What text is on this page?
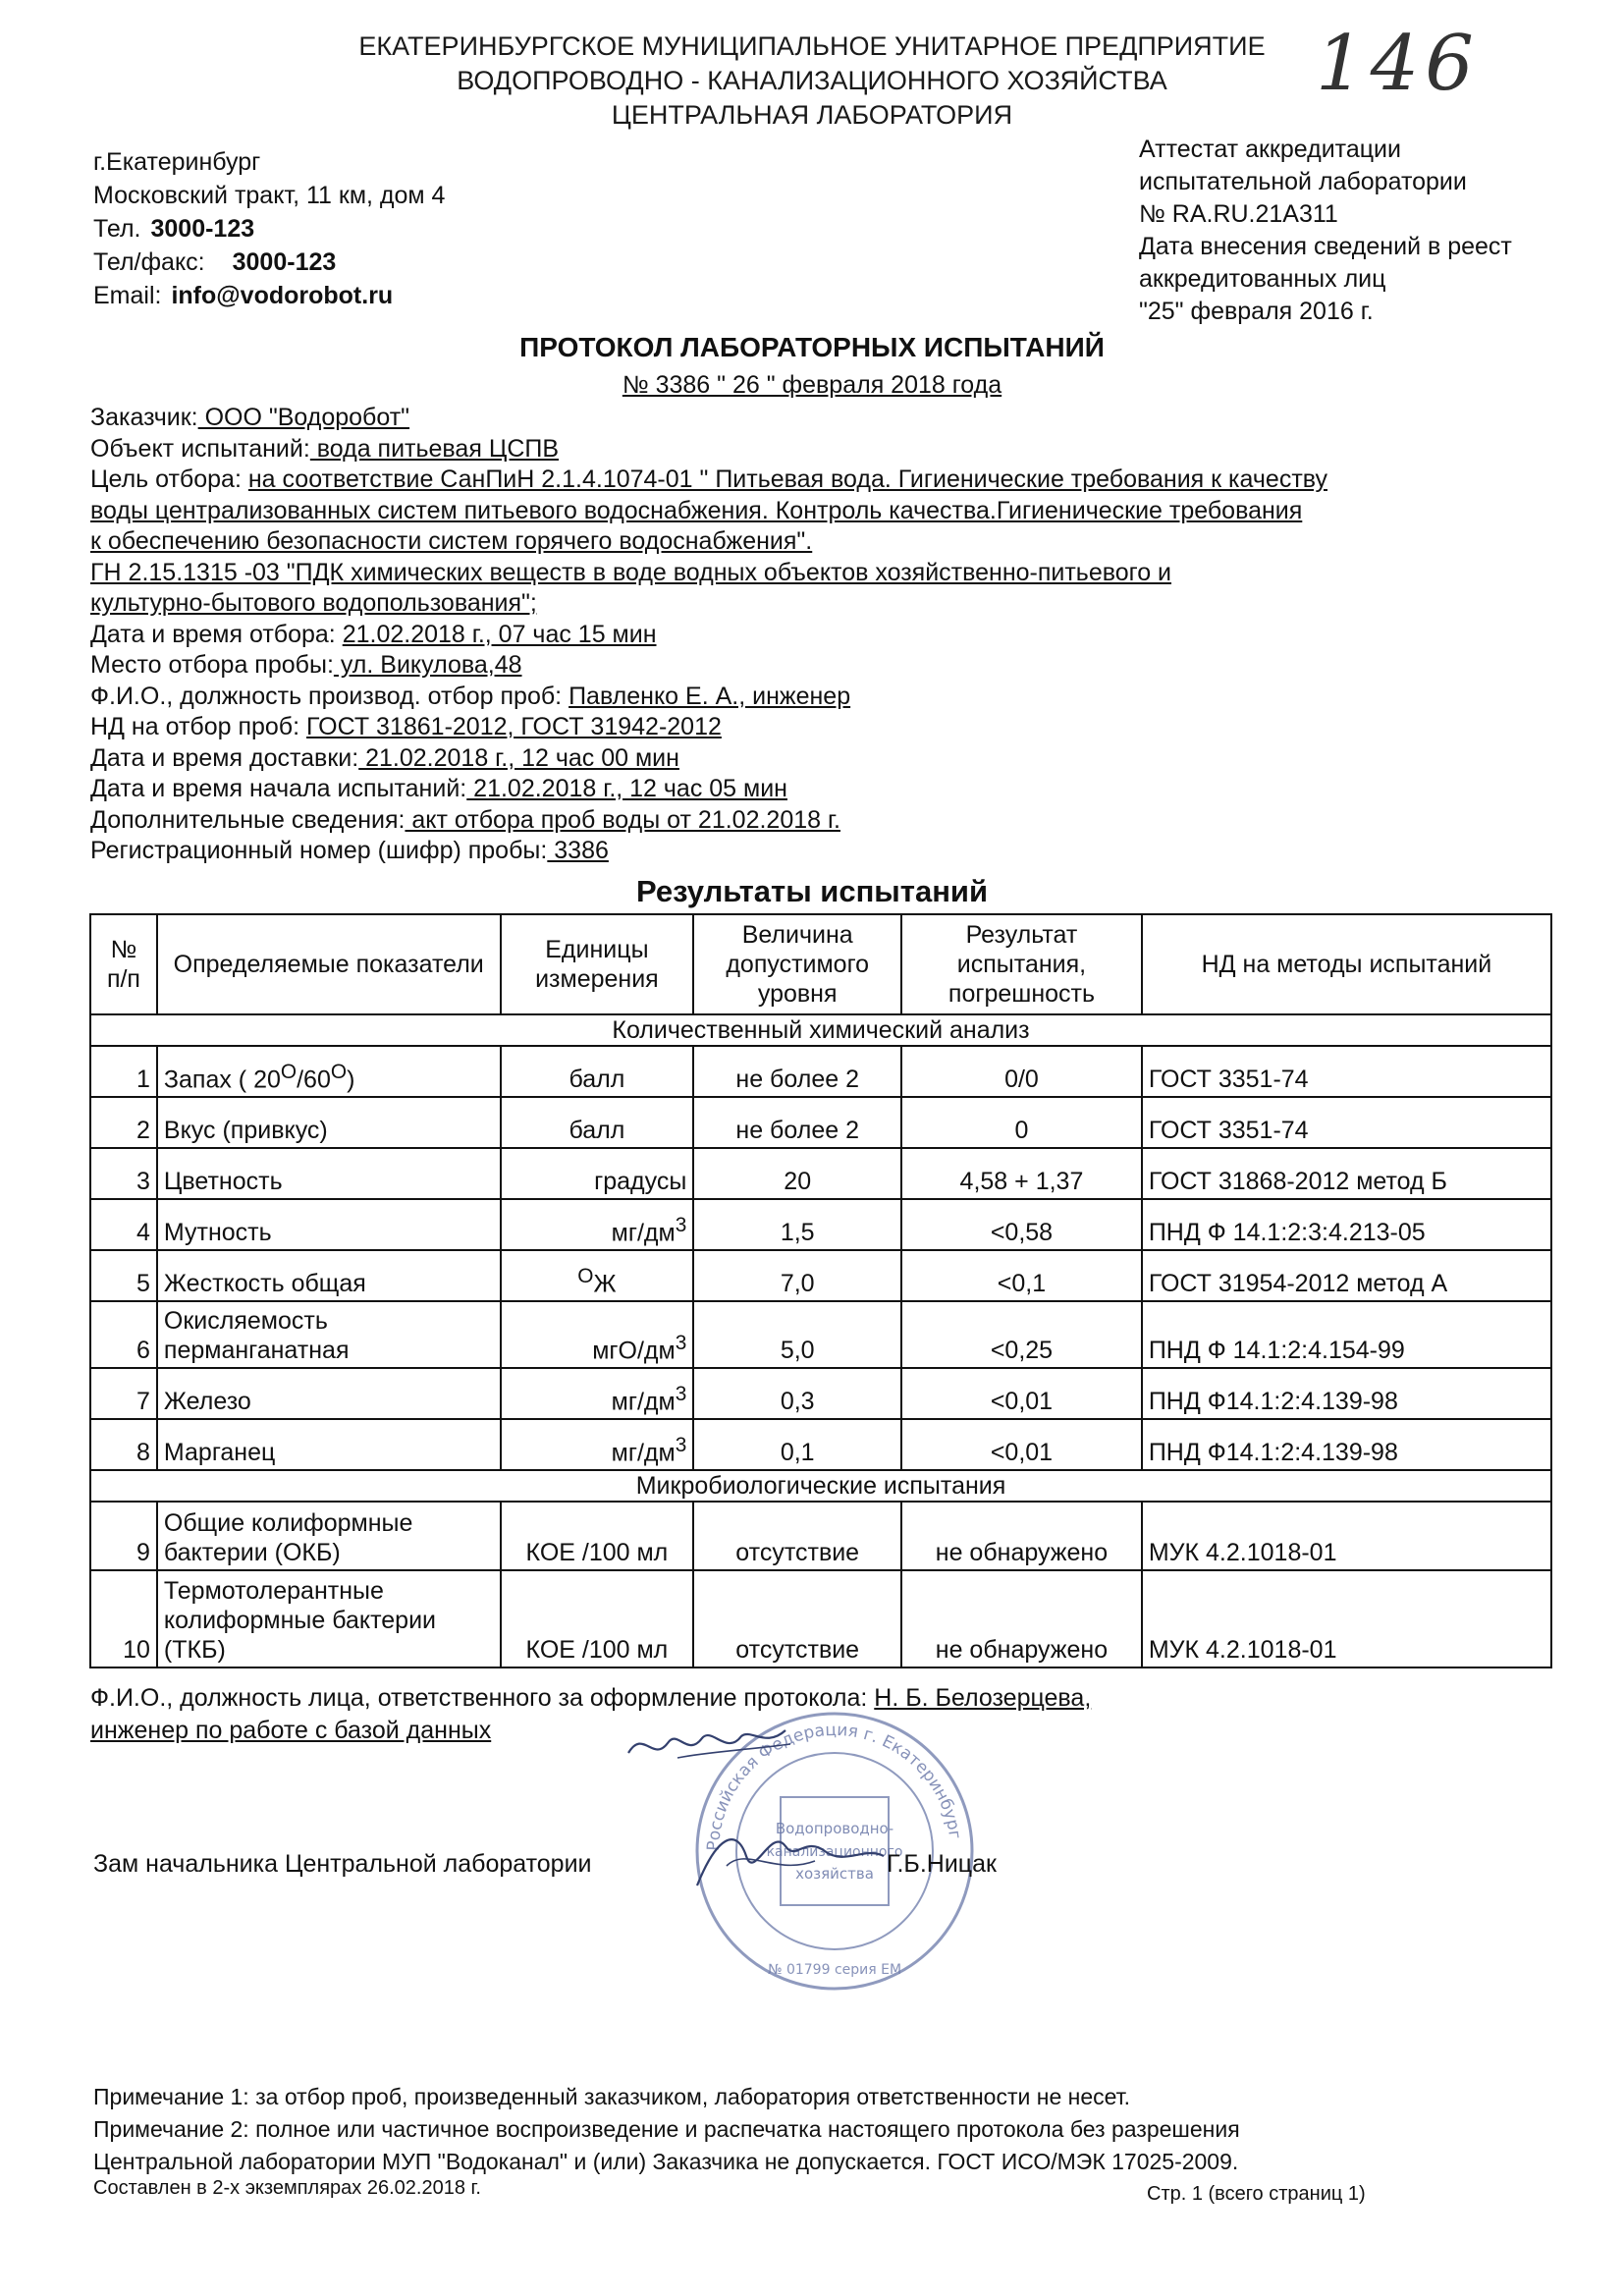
ЕКАТЕРИНБУРГСКОЕ МУНИЦИПАЛЬНОЕ УНИТАРНОЕ ПРЕДПРИЯТИЕ
ВОДОПРОВОДНО - КАНАЛИЗАЦИОННОГО ХОЗЯЙСТВА
ЦЕНТРАЛЬНАЯ ЛАБОРАТОРИЯ
146
г.Екатеринбург
Московский тракт, 11 км, дом 4
Тел. 3000-123
Тел/факс: 3000-123
Email: info@vodorobot.ru
Аттестат аккредитации
испытательной лаборатории
№ RA.RU.21A311
Дата внесения сведений в реест
аккредитованных лиц
"25" февраля 2016 г.
ПРОТОКОЛ ЛАБОРАТОРНЫХ ИСПЫТАНИЙ
№ 3386 " 26 " февраля 2018 года
Заказчик: ООО "Водоробот"
Объект испытаний: вода питьевая ЦСПВ
Цель отбора: на соответствие СанПиН 2.1.4.1074-01 " Питьевая вода. Гигиенические требования к качеству
воды централизованных систем питьевого водоснабжения. Контроль качества.Гигиенические требования
к обеспечению безопасности систем горячего водоснабжения".
ГН 2.15.1315 -03 "ПДК химических веществ в воде водных объектов хозяйственно-питьевого и
культурно-бытового водопользования";
Дата и время отбора: 21.02.2018 г., 07 час 15 мин
Место отбора пробы: ул. Викулова,48
Ф.И.О., должность производ. отбор проб: Павленко Е. А., инженер
НД на отбор проб: ГОСТ 31861-2012, ГОСТ 31942-2012
Дата и время доставки: 21.02.2018 г., 12 час 00 мин
Дата и время начала испытаний: 21.02.2018 г., 12 час 05 мин
Дополнительные сведения: акт отбора проб воды от 21.02.2018 г.
Регистрационный номер (шифр) пробы: 3386
Результаты испытаний
№ п/п	Определяемые показатели	Единицы измерения	Величина допустимого уровня	Результат испытания, погрешность	НД на методы испытаний
Количественный химический анализ					
1	Запах ( $20^О/60^О$)	балл	не более 2	0/0	ГОСТ 3351-74
2	Вкус (привкус)	балл	не более 2	0	ГОСТ 3351-74
3	Цветность	градусы	20	4,58 + 1,37	ГОСТ 31868-2012 метод Б
4	Мутность	$мг/дм^3$	1,5	<0,58	ПНД Ф 14.1:2:3:4.213-05
5	Жесткость общая	$^О$Ж	7,0	<0,1	ГОСТ 31954-2012 метод А
6	Окисляемость
перманганатная	мгО/$дм^3$	5,0	<0,25	ПНД Ф 14.1:2:4.154-99
7	Железо	$мг/дм^3$	0,3	<0,01	ПНД Ф14.1:2:4.139-98
8	Марганец	$мг/дм^3$	0,1	<0,01	ПНД Ф14.1:2:4.139-98
Микробиологические испытания					
9	Общие колиформные
бактерии (ОКБ)	КОЕ /100 мл	отсутствие	не обнаружено	МУК 4.2.1018-01
10	Термотолерантные
колиформные бактерии
(ТКБ)	КОЕ /100 мл	отсутствие	не обнаружено	МУК 4.2.1018-01
Ф.И.О., должность лица, ответственного за оформление протокола: Н. Б. Белозерцева,
инженер по работе с базой данных
Российская Федерация г. Екатеринбург
Водопроводно-
канализационного
хозяйства
№ 01799 серия ЕМ
Зам начальника Центральной лаборатории	Г.Б.Ницак
Примечание 1: за отбор проб, произведенный заказчиком, лаборатория ответственности не несет.
Примечание 2: полное или частичное воспроизведение и распечатка настоящего протокола без разрешения
Центральной лаборатории МУП "Водоканал" и (или) Заказчика не допускается. ГОСТ ИСО/МЭК 17025-2009.
Составлен в 2-х экземплярах 26.02.2018 г.	Стр. 1 (всего страниц 1)
